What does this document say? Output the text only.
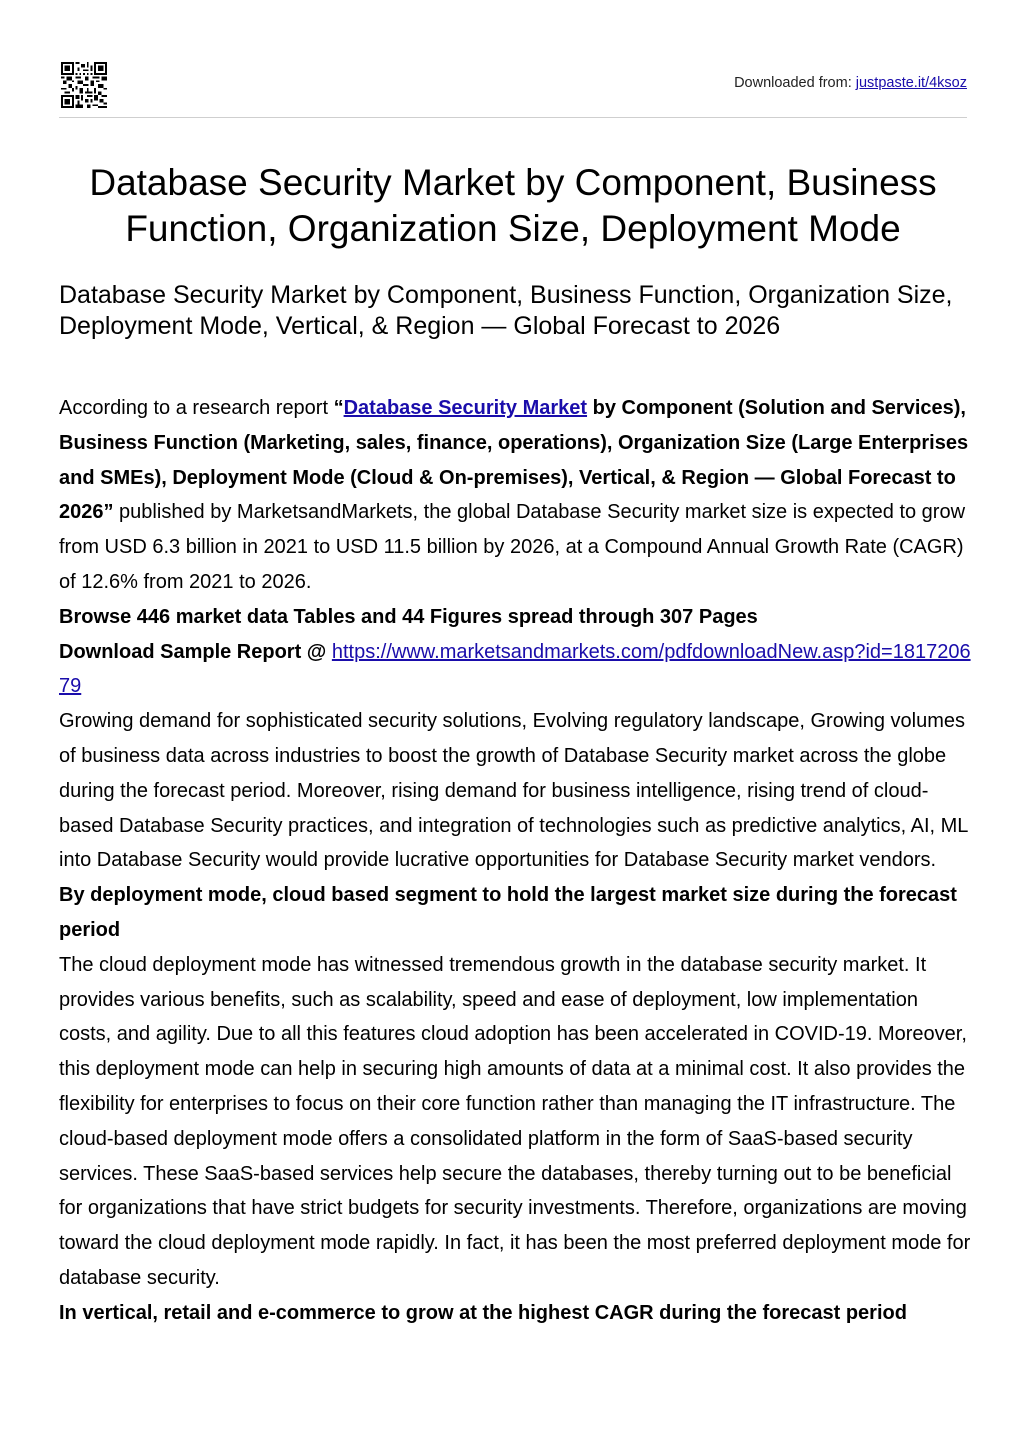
Downloaded from: justpaste.it/4ksoz
Database Security Market by Component, Business Function, Organization Size, Deployment Mode
Database Security Market by Component, Business Function, Organization Size, Deployment Mode, Vertical, & Region — Global Forecast to 2026

According to a research report “Database Security Market by Component (Solution and Services), Business Function (Marketing, sales, finance, operations), Organization Size (Large Enterprises and SMEs), Deployment Mode (Cloud & On-premises), Vertical, & Region — Global Forecast to 2026” published by MarketsandMarkets, the global Database Security market size is expected to grow from USD 6.3 billion in 2021 to USD 11.5 billion by 2026, at a Compound Annual Growth Rate (CAGR) of 12.6% from 2021 to 2026.

Browse 446 market data Tables and 44 Figures spread through 307 Pages

Download Sample Report @ https://www.marketsandmarkets.com/pdfdownloadNew.asp?id=181720679

Growing demand for sophisticated security solutions, Evolving regulatory landscape, Growing volumes of business data across industries to boost the growth of Database Security market across the globe during the forecast period. Moreover, rising demand for business intelligence, rising trend of cloud-based Database Security practices, and integration of technologies such as predictive analytics, AI, ML into Database Security would provide lucrative opportunities for Database Security market vendors.

By deployment mode, cloud based segment to hold the largest market size during the forecast period

The cloud deployment mode has witnessed tremendous growth in the database security market. It provides various benefits, such as scalability, speed and ease of deployment, low implementation costs, and agility. Due to all this features cloud adoption has been accelerated in COVID-19. Moreover, this deployment mode can help in securing high amounts of data at a minimal cost. It also provides the flexibility for enterprises to focus on their core function rather than managing the IT infrastructure. The cloud-based deployment mode offers a consolidated platform in the form of SaaS-based security services. These SaaS-based services help secure the databases, thereby turning out to be beneficial for organizations that have strict budgets for security investments. Therefore, organizations are moving toward the cloud deployment mode rapidly. In fact, it has been the most preferred deployment mode for database security.

In vertical, retail and e-commerce to grow at the highest CAGR during the forecast period
